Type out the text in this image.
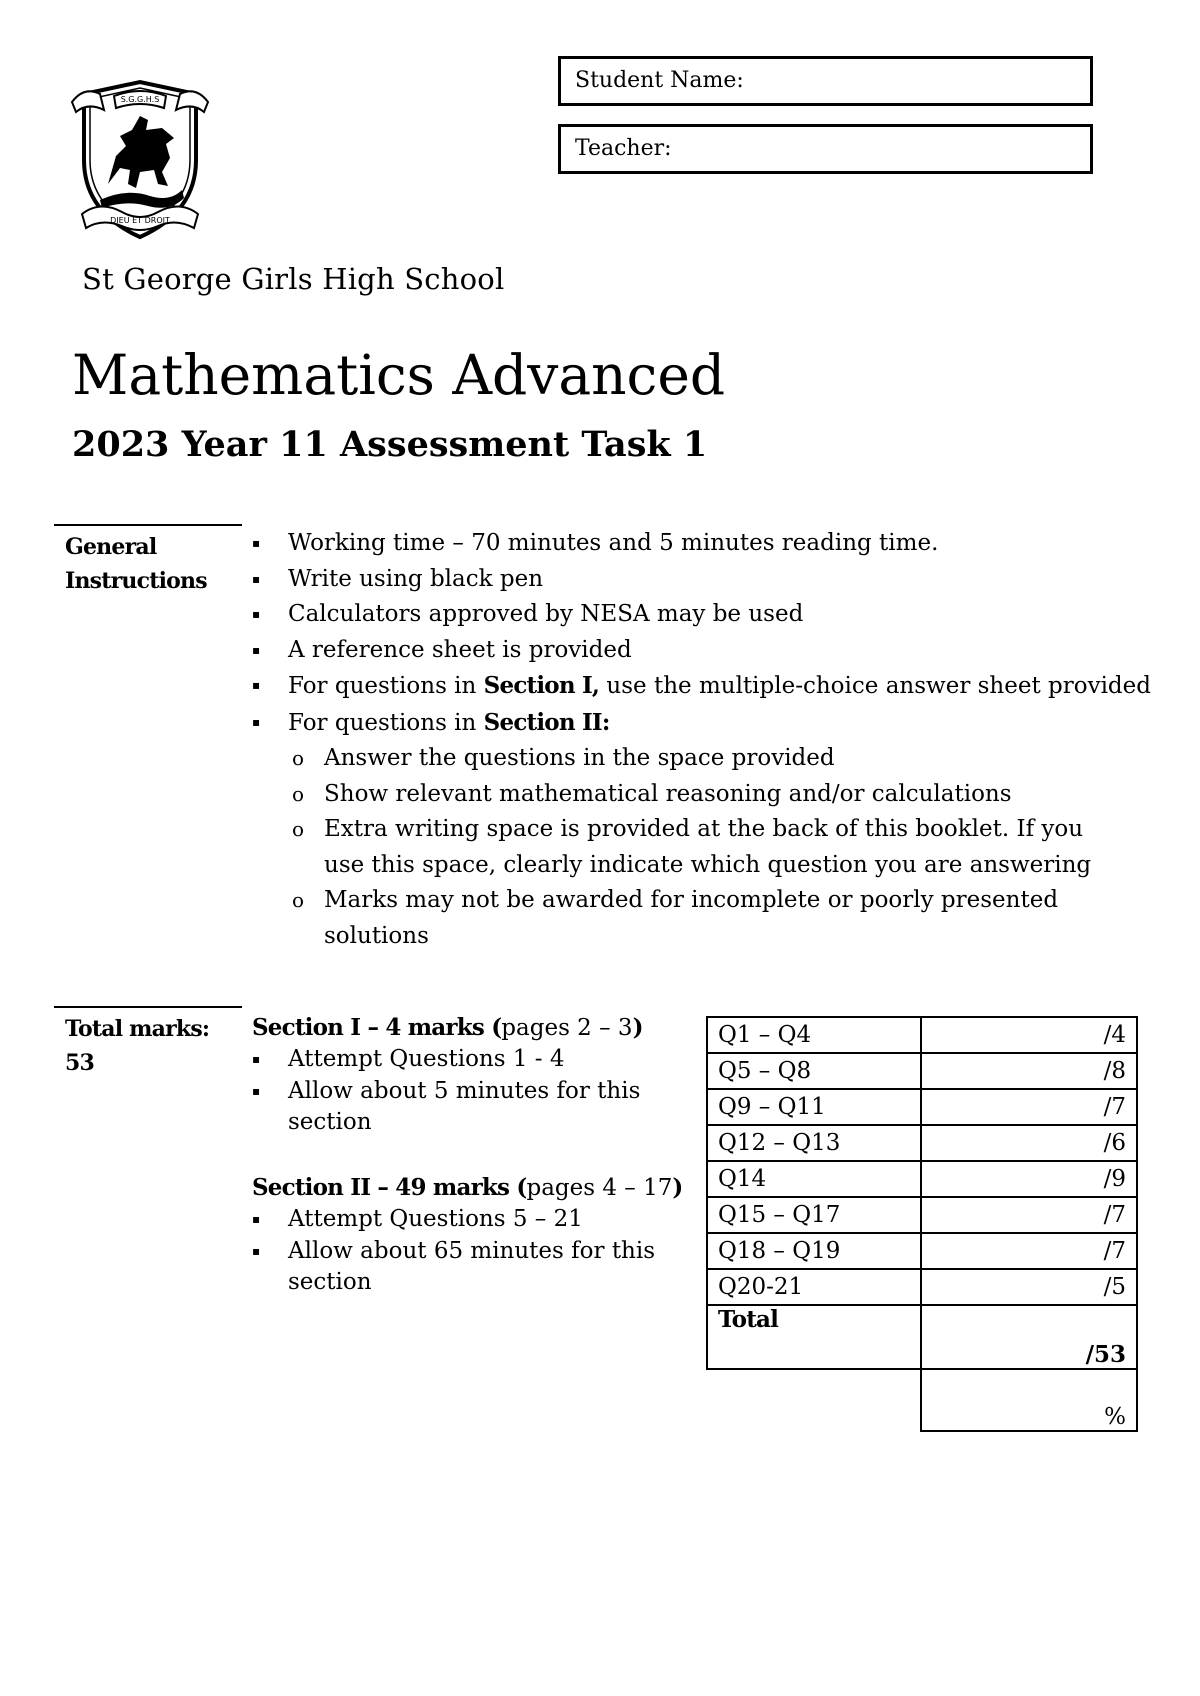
S.G.G.H.S
DIEU ET DROIT
Student Name:
Teacher:
St George Girls High School
Mathematics Advanced
2023 Year 11 Assessment Task 1
General
Instructions
▪ Working time – 70 minutes and 5 minutes reading time.
▪ Write using black pen
▪ Calculators approved by NESA may be used
▪ A reference sheet is provided
▪ For questions in Section I, use the multiple-choice answer sheet provided
▪ For questions in Section II:
o Answer the questions in the space provided
o Show relevant mathematical reasoning and/or calculations
o Extra writing space is provided at the back of this booklet. If you use this space, clearly indicate which question you are answering
o Marks may not be awarded for incomplete or poorly presented solutions
Total marks:
53
Section I – 4 marks (pages 2 – 3)
▪ Attempt Questions 1 - 4
▪ Allow about 5 minutes for this section
Section II – 49 marks (pages 4 – 17)
▪ Attempt Questions 5 – 21
▪ Allow about 65 minutes for this section
Q1 – Q4	/4
Q5 – Q8	/8
Q9 – Q11	/7
Q12 – Q13	/6
Q14	/9
Q15 – Q17	/7
Q18 – Q19	/7
Q20-21	/5
Total	/53
	%
